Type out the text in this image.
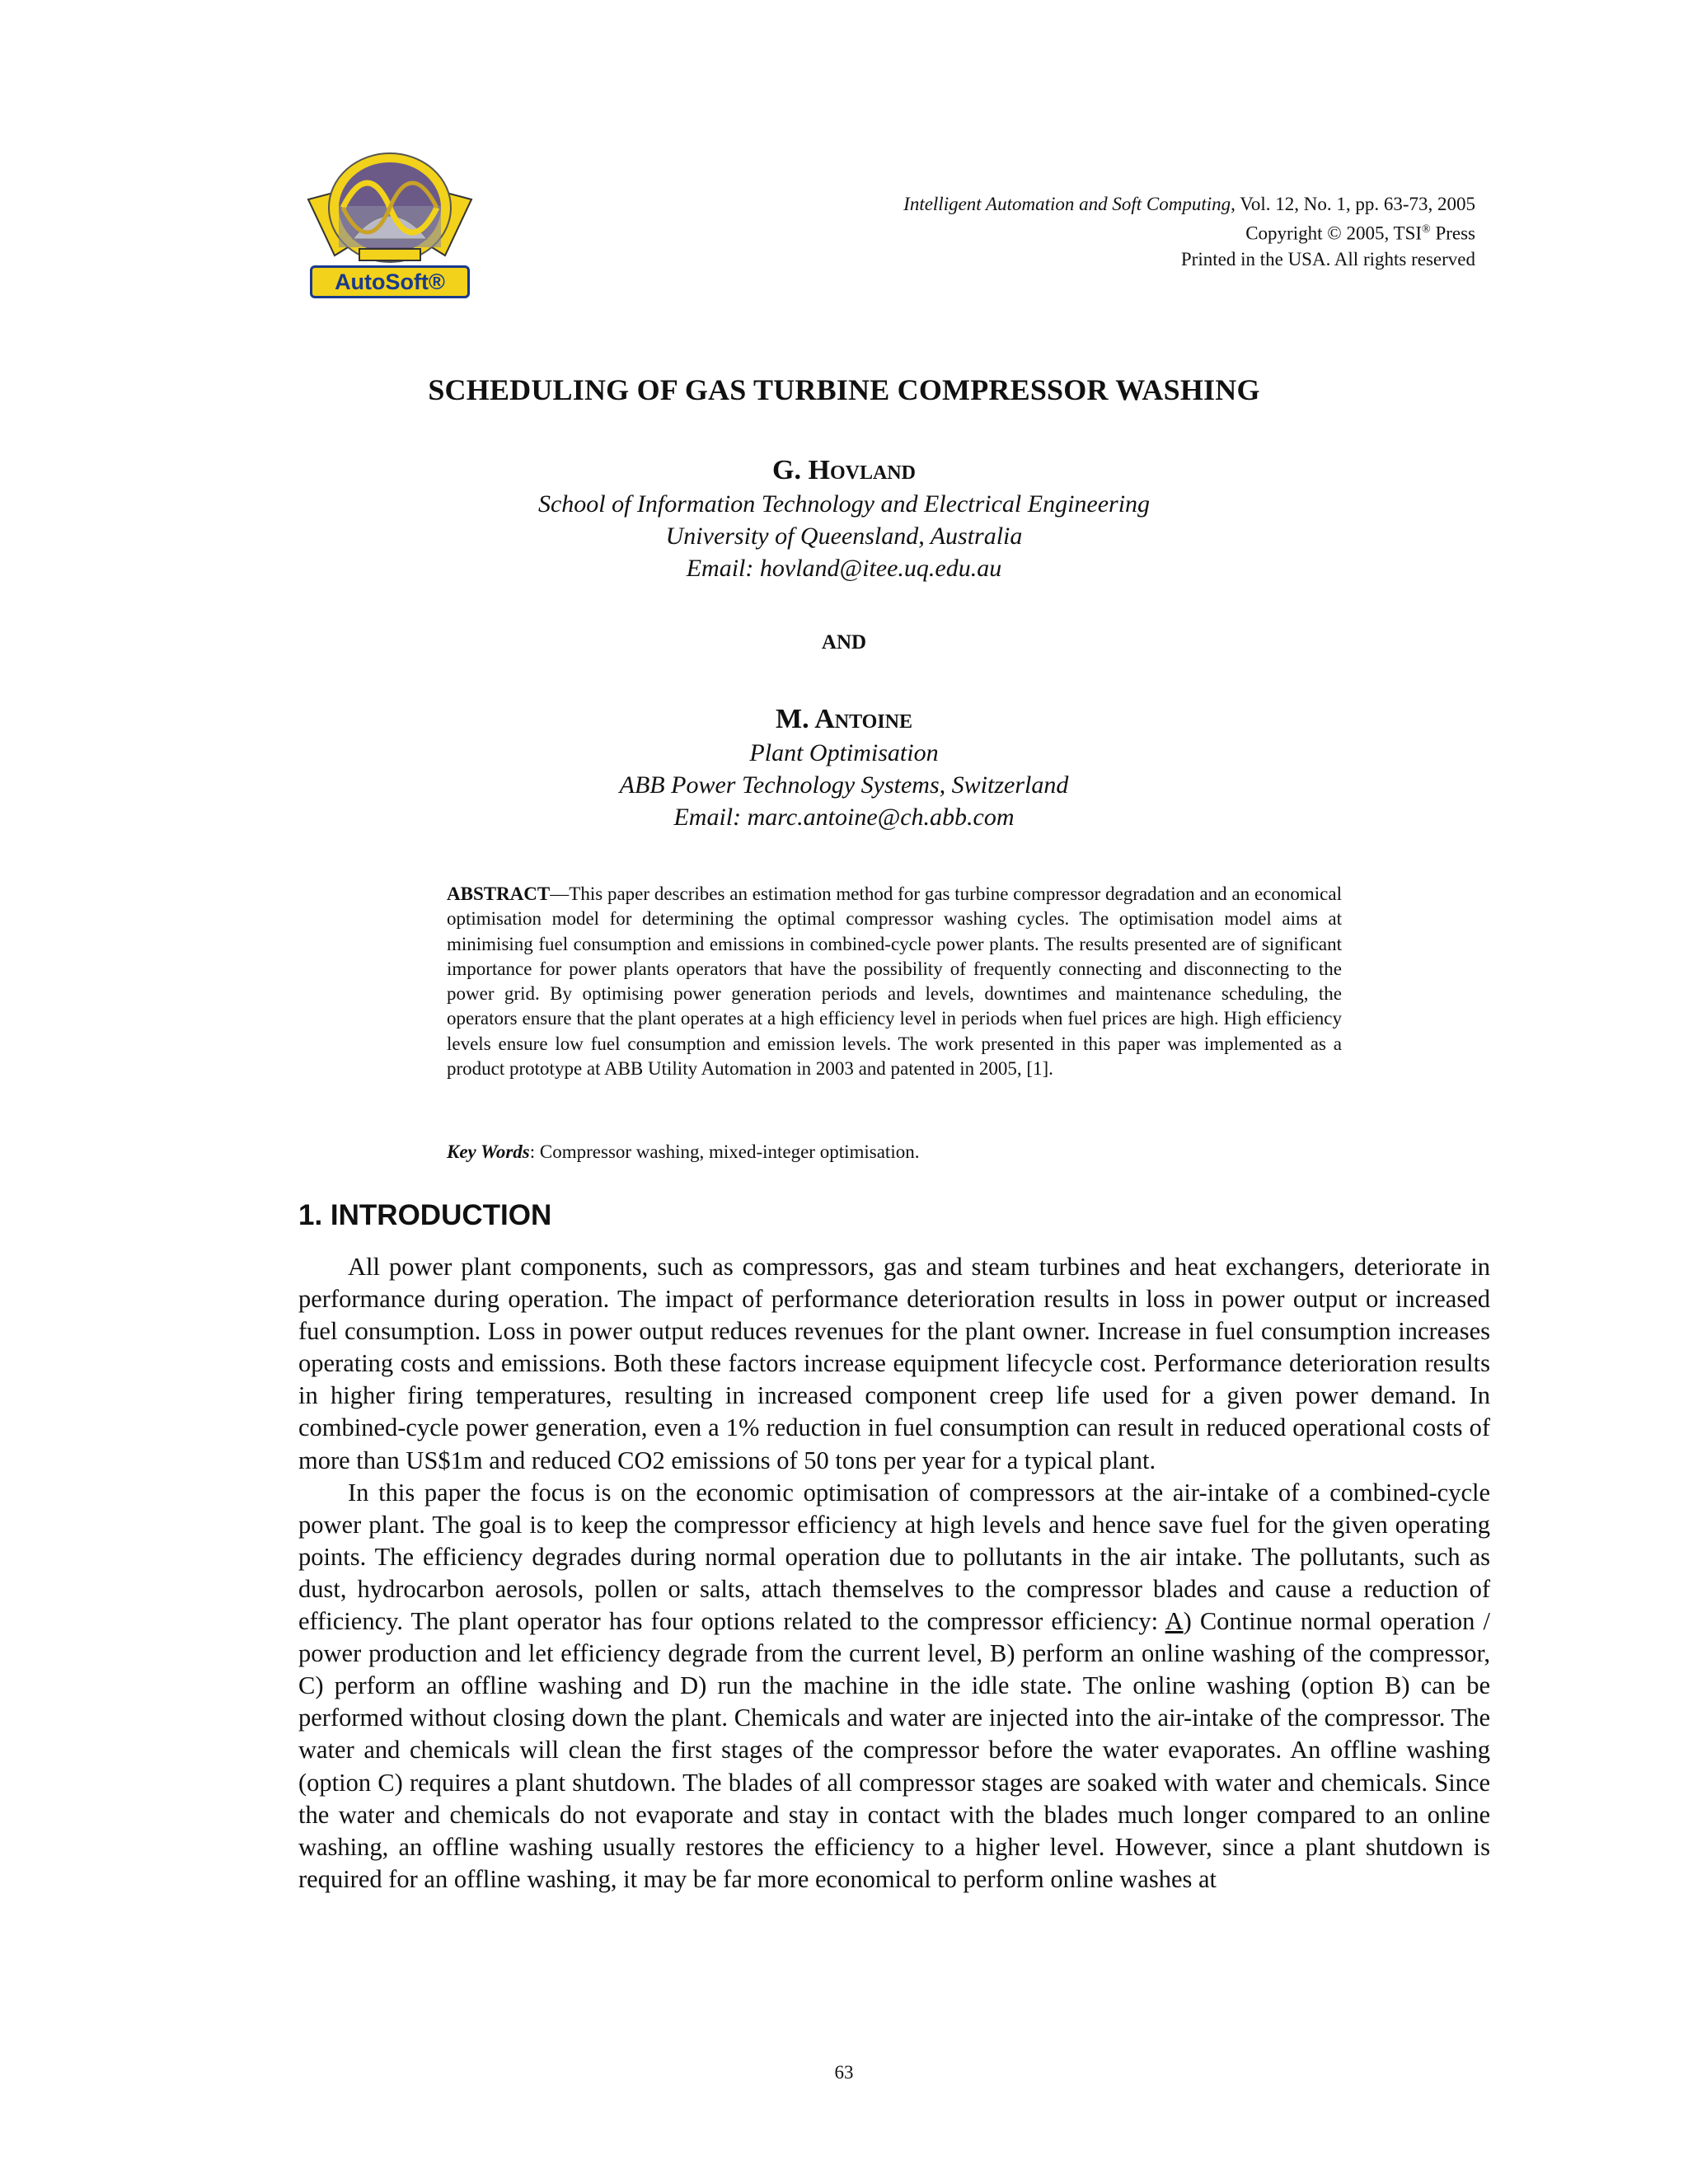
AutoSoft®
Intelligent Automation and Soft Computing, Vol. 12, No. 1, pp. 63-73, 2005
Copyright © 2005, TSI® Press
Printed in the USA. All rights reserved
SCHEDULING OF GAS TURBINE COMPRESSOR WASHING
G. Hovland
School of Information Technology and Electrical Engineering
University of Queensland, Australia
Email: hovland@itee.uq.edu.au
AND
M. Antoine
Plant Optimisation
ABB Power Technology Systems, Switzerland
Email: marc.antoine@ch.abb.com
ABSTRACT—This paper describes an estimation method for gas turbine compressor degradation and an economical optimisation model for determining the optimal compressor washing cycles. The optimisation model aims at minimising fuel consumption and emissions in combined-cycle power plants. The results presented are of significant importance for power plants operators that have the possibility of frequently connecting and disconnecting to the power grid. By optimising power generation periods and levels, downtimes and maintenance scheduling, the operators ensure that the plant operates at a high efficiency level in periods when fuel prices are high. High efficiency levels ensure low fuel consumption and emission levels. The work presented in this paper was implemented as a product prototype at ABB Utility Automation in 2003 and patented in 2005, [1].
Key Words: Compressor washing, mixed-integer optimisation.
1. INTRODUCTION

All power plant components, such as compressors, gas and steam turbines and heat exchangers, deteriorate in performance during operation. The impact of performance deterioration results in loss in power output or increased fuel consumption. Loss in power output reduces revenues for the plant owner. Increase in fuel consumption increases operating costs and emissions. Both these factors increase equipment lifecycle cost. Performance deterioration results in higher firing temperatures, resulting in increased component creep life used for a given power demand. In combined-cycle power generation, even a 1% reduction in fuel consumption can result in reduced operational costs of more than US$1m and reduced CO2 emissions of 50 tons per year for a typical plant.

In this paper the focus is on the economic optimisation of compressors at the air-intake of a combined-cycle power plant. The goal is to keep the compressor efficiency at high levels and hence save fuel for the given operating points. The efficiency degrades during normal operation due to pollutants in the air intake. The pollutants, such as dust, hydrocarbon aerosols, pollen or salts, attach themselves to the compressor blades and cause a reduction of efficiency. The plant operator has four options related to the compressor efficiency: A) Continue normal operation / power production and let efficiency degrade from the current level, B) perform an online washing of the compressor, C) perform an offline washing and D) run the machine in the idle state. The online washing (option B) can be performed without closing down the plant. Chemicals and water are injected into the air-intake of the compressor. The water and chemicals will clean the first stages of the compressor before the water evaporates. An offline washing (option C) requires a plant shutdown. The blades of all compressor stages are soaked with water and chemicals. Since the water and chemicals do not evaporate and stay in contact with the blades much longer compared to an online washing, an offline washing usually restores the efficiency to a higher level. However, since a plant shutdown is required for an offline washing, it may be far more economical to perform online washes at

63
